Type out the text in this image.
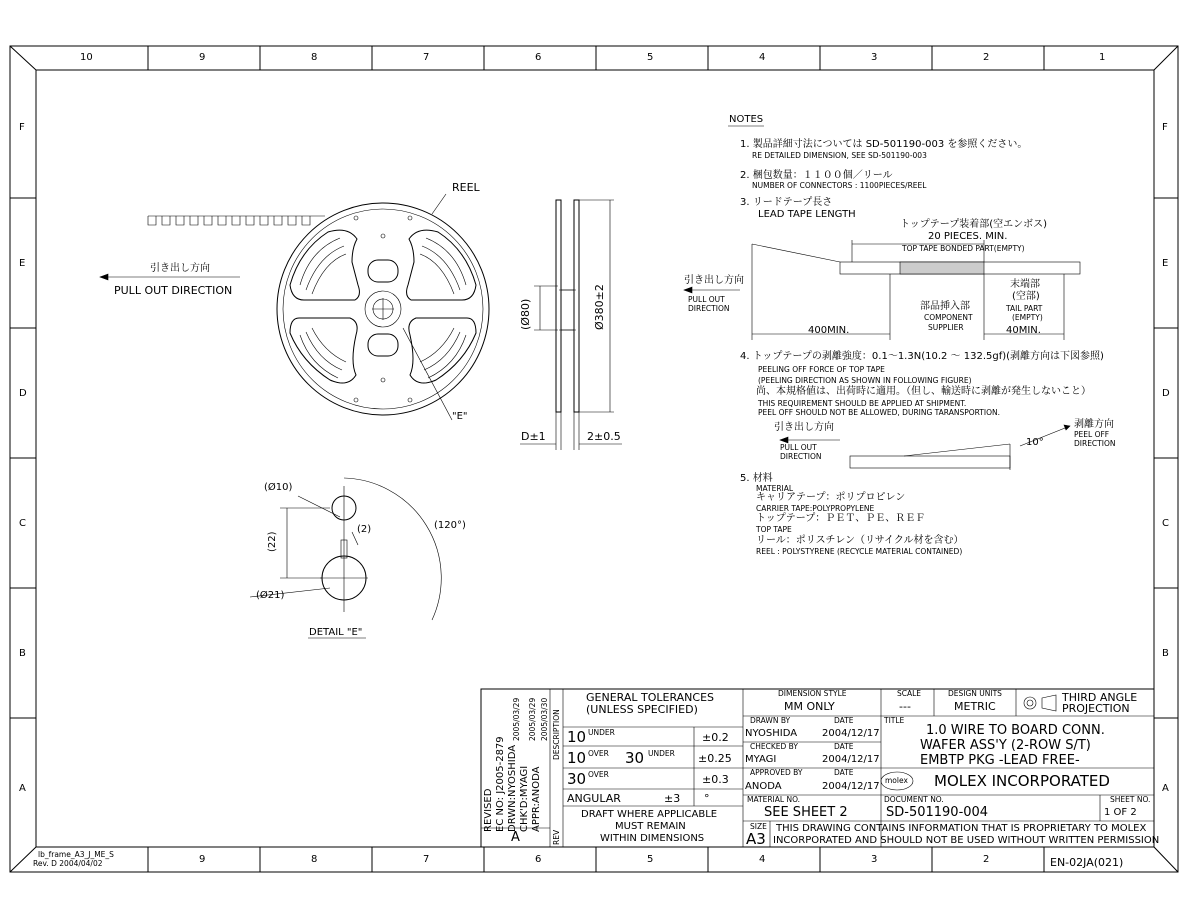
10	9	8	7	6	5	4	3	2	1
9	8	7	6	5	4	3	2
F
E
D
C
B
A
F
E
D
C
B
A
lb_frame_A3_J_ME_S
Rev. D 2004/04/02	EN-02JA(021)
REEL
引き出し方向
PULL OUT DIRECTION
(Ø80)	Ø380±2
D±1	2±0.5
"E"
(Ø10)
(22)
(2)	(120°)
(Ø21)
DETAIL "E"
NOTES
1. 製品詳細寸法については SD-501190-003 を参照ください。
RE DETAILED DIMENSION, SEE SD-501190-003
2. 梱包数量：１１００個／リール
NUMBER OF CONNECTORS : 1100PIECES/REEL
3. リードテープ長さ
LEAD TAPE LENGTH
トップテープ装着部(空エンボス)
20 PIECES. MIN.
TOP TAPE BONDED PART(EMPTY)
引き出し方向
PULL OUT
DIRECTION
400MIN.
部品挿入部
COMPONENT
SUPPLIER
末端部
(空部)
TAIL PART
(EMPTY)
40MIN.
4. トップテープの剥離強度：0.1～1.3N(10.2 ～ 132.5gf)(剥離方向は下図参照)
PEELING OFF FORCE OF TOP TAPE
(PEELING DIRECTION AS SHOWN IN FOLLOWING FIGURE)
尚、本規格値は、出荷時に適用。（但し、輸送時に剥離が発生しないこと）
THIS REQUIREMENT SHOULD BE APPLIED AT SHIPMENT.
PEEL OFF SHOULD NOT BE ALLOWED, DURING TARANSPORTION.
引き出し方向
PULL OUT
DIRECTION
剥離方向
PEEL OFF
DIRECTION
10°
5. 材料
MATERIAL
キャリアテープ：ポリプロピレン
CARRIER TAPE:POLYPROPYLENE
トップテープ：ＰＥＴ、ＰＥ、ＲＥＦ
TOP TAPE
リール：ポリスチレン（リサイクル材を含む）
REEL : POLYSTYRENE (RECYCLE MATERIAL CONTAINED)
REVISED EC NO: J2005-2879 DRWN:NYOSHIDA CHK'D:MYAGI APPR:ANODA
2005/03/29 2005/03/29 2005/03/30 DESCRIPTION
REV
A
GENERAL TOLERANCES
(UNLESS SPECIFIED)
10 UNDER	±0.2
10 OVER 30 UNDER ±0.25
30 OVER	±0.3
ANGULAR	±3 °
DRAFT WHERE APPLICABLE
MUST REMAIN
WITHIN DIMENSIONS
DIMENSION STYLE
MM ONLY
SCALE
---
DESIGN UNITS
METRIC
THIRD ANGLE
PROJECTION
DRAWN BY	DATE
NYOSHIDA 2004/12/17
CHECKED BY	DATE
MYAGI	2004/12/17
APPROVED BY	DATE
ANODA	2004/12/17
TITLE
1.0 WIRE TO BOARD CONN.
WAFER ASS'Y (2-ROW S/T)
EMBTP PKG -LEAD FREE-
molex MOLEX INCORPORATED
MATERIAL NO.
SEE SHEET 2
DOCUMENT NO.
SD-501190-004
SHEET NO.
1 OF 2
SIZE
A3
THIS DRAWING CONTAINS INFORMATION THAT IS PROPRIETARY TO MOLEX
INCORPORATED AND SHOULD NOT BE USED WITHOUT WRITTEN PERMISSION
